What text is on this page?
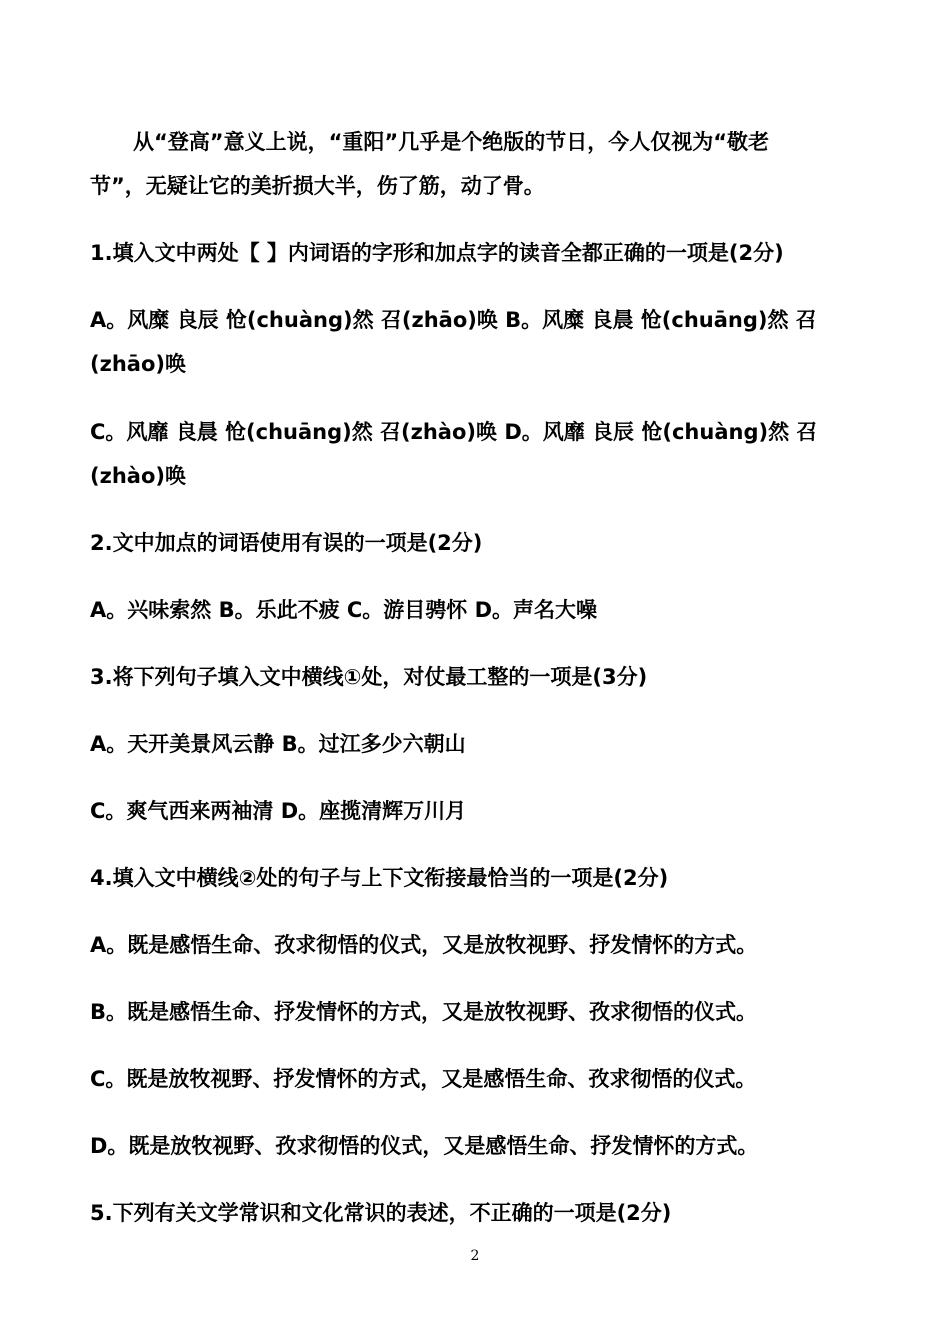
从“登高”意义上说，“重阳”几乎是个绝版的节日，今人仅视为“敬老
节”，无疑让它的美折损大半，伤了筋，动了骨。
1.填入文中两处【 】内词语的字形和加点字的读音全都正确的一项是(2分)
A。风糜 良辰 怆(chuàng)然 召(zhāo)唤 B。风糜 良晨 怆(chuāng)然 召
(zhāo)唤
C。风靡 良晨 怆(chuāng)然 召(zhào)唤 D。风靡 良辰 怆(chuàng)然 召
(zhào)唤
2.文中加点的词语使用有误的一项是(2分)
A。兴味索然 B。乐此不疲 C。游目骋怀 D。声名大噪
3.将下列句子填入文中横线①处，对仗最工整的一项是(3分)
A。天开美景风云静 B。过江多少六朝山
C。爽气西来两袖清 D。座揽清辉万川月
4.填入文中横线②处的句子与上下文衔接最恰当的一项是(2分)
A。既是感悟生命、孜求彻悟的仪式，又是放牧视野、抒发情怀的方式。
B。既是感悟生命、抒发情怀的方式，又是放牧视野、孜求彻悟的仪式。
C。既是放牧视野、抒发情怀的方式，又是感悟生命、孜求彻悟的仪式。
D。既是放牧视野、孜求彻悟的仪式，又是感悟生命、抒发情怀的方式。
5.下列有关文学常识和文化常识的表述，不正确的一项是(2分)
2
